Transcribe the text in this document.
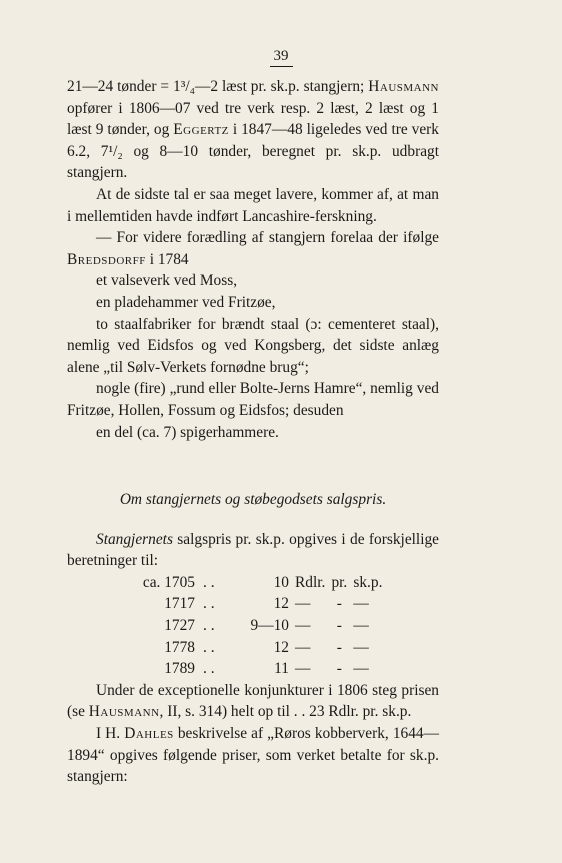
39

21—24 tønder = 1³/₄—2 læst pr. sk.p. stangjern; Hausmann opfører i 1806—07 ved tre verk resp. 2 læst, 2 læst og 1 læst 9 tønder, og Eggertz i 1847—48 ligeledes ved tre verk 6.2, 7¹/₂ og 8—10 tønder, beregnet pr. sk.p. udbragt stangjern.

At de sidste tal er saa meget lavere, kommer af, at man i mellemtiden havde indført Lancashire-ferskning.

— For videre forædling af stangjern forelaa der ifølge Bredsdorff i 1784

et valseverk ved Moss,

en pladehammer ved Fritzøe,

to staalfabriker for brændt staal (ɔ: cementeret staal), nemlig ved Eidsfos og ved Kongsberg, det sidste anlæg alene „til Sølv-Verkets fornødne brug“;

nogle (fire) „rund eller Bolte-Jerns Hamre“, nemlig ved Fritzøe, Hollen, Fossum og Eidsfos; desuden

en del (ca. 7) spigerhammere.

Om stangjernets og støbegodsets salgspris.

Stangjernets salgspris pr. sk.p. opgives i de forskjellige beretninger til:

ca. 1705	. .	10	Rdlr.	pr.	sk.p.
1717	. .	12	—	-	—
1727	. .	9—10	—	-	—
1778	. .	12	—	-	—
1789	. .	11	—	-	—

Under de exceptionelle konjunkturer i 1806 steg prisen (se Hausmann, II, s. 314) helt op til . . 23 Rdlr. pr. sk.p.

I H. Dahles beskrivelse af „Røros kobberverk, 1644—1894“ opgives følgende priser, som verket betalte for sk.p. stangjern:
